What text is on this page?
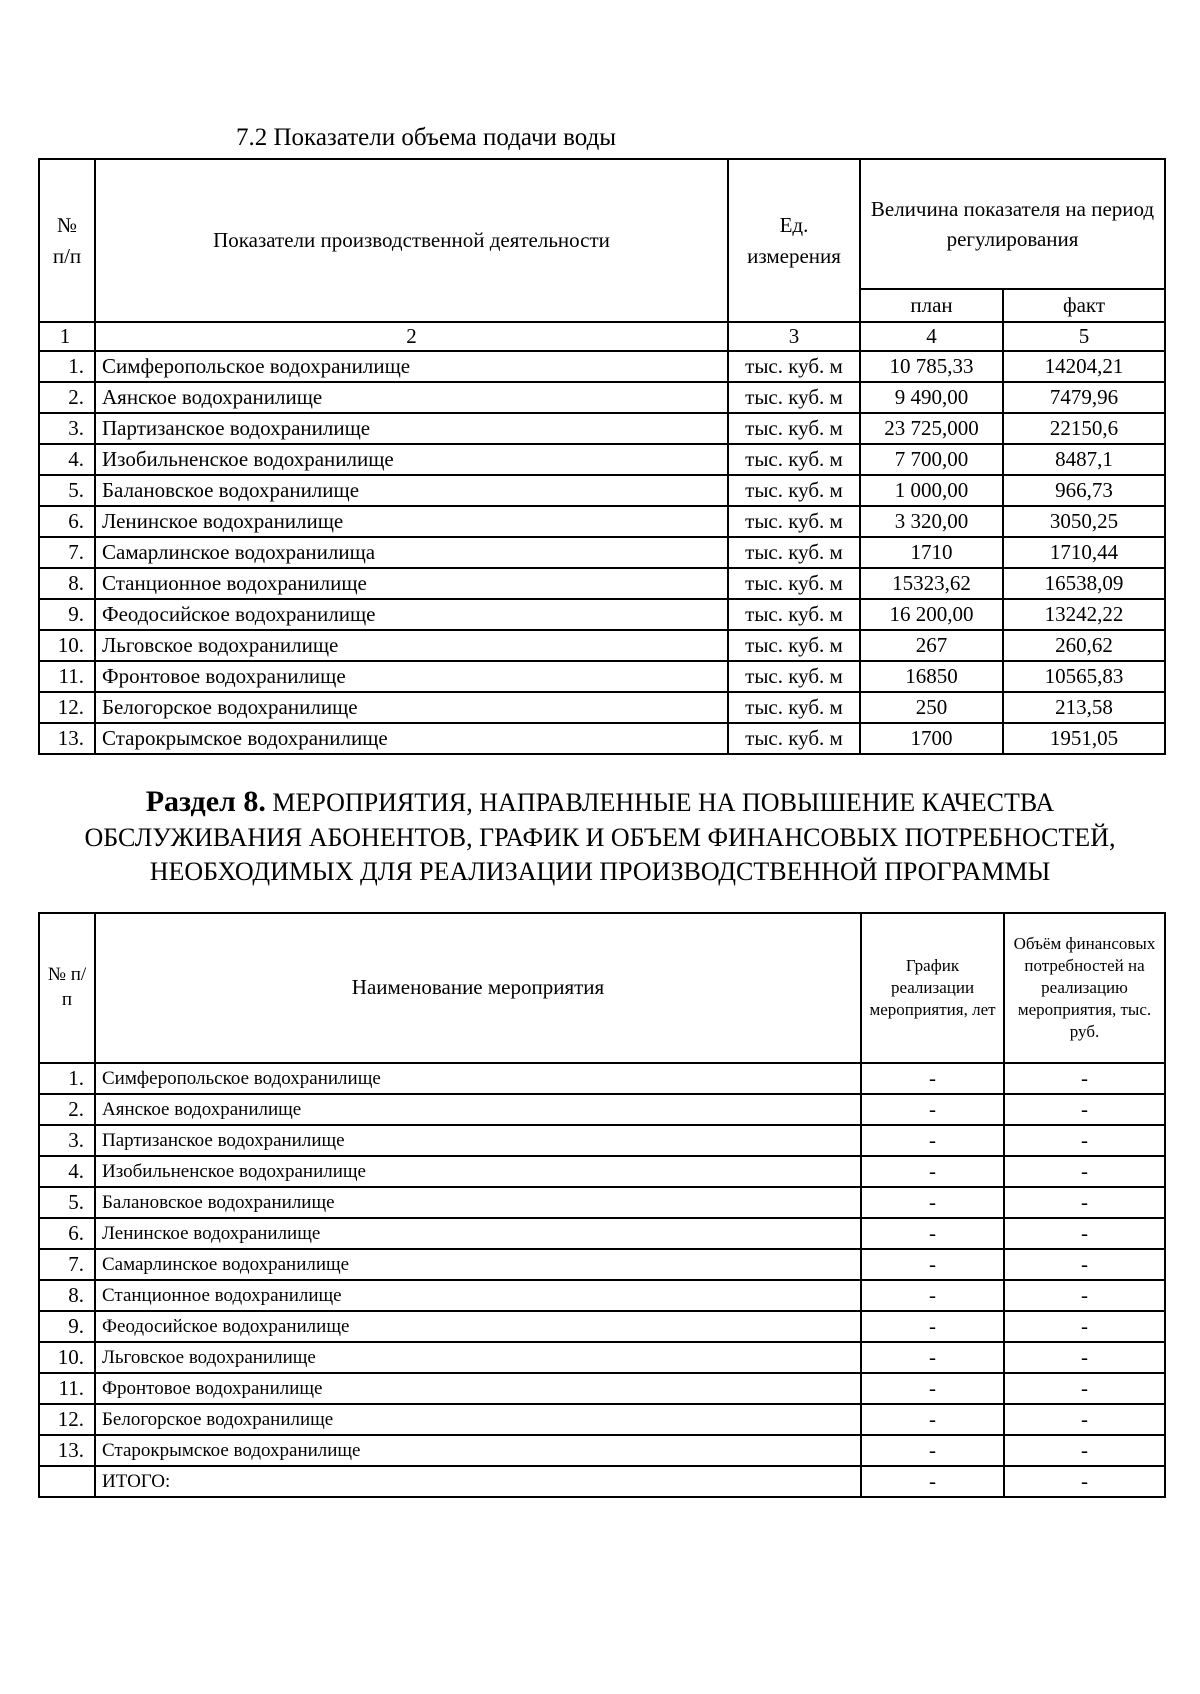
7.2 Показатели объема подачи воды
№ п/п	Показатели производственной деятельности	Ед. измерения	Величина показателя на период регулирования	
			план	факт
1	2	3	4	5
1.	Симферопольское водохранилище	тыс. куб. м	10 785,33	14204,21
2.	Аянское водохранилище	тыс. куб. м	9 490,00	7479,96
3.	Партизанское водохранилище	тыс. куб. м	23 725,000	22150,6
4.	Изобильненское водохранилище	тыс. куб. м	7 700,00	8487,1
5.	Балановское водохранилище	тыс. куб. м	1 000,00	966,73
6.	Ленинское водохранилище	тыс. куб. м	3 320,00	3050,25
7.	Самарлинское водохранилища	тыс. куб. м	1710	1710,44
8.	Станционное водохранилище	тыс. куб. м	15323,62	16538,09
9.	Феодосийское водохранилище	тыс. куб. м	16 200,00	13242,22
10.	Льговское водохранилище	тыс. куб. м	267	260,62
11.	Фронтовое водохранилище	тыс. куб. м	16850	10565,83
12.	Белогорское водохранилище	тыс. куб. м	250	213,58
13.	Старокрымское водохранилище	тыс. куб. м	1700	1951,05
Раздел 8. МЕРОПРИЯТИЯ, НАПРАВЛЕННЫЕ НА ПОВЫШЕНИЕ КАЧЕСТВА
ОБСЛУЖИВАНИЯ АБОНЕНТОВ, ГРАФИК И ОБЪЕМ ФИНАНСОВЫХ ПОТРЕБНОСТЕЙ,
НЕОБХОДИМЫХ ДЛЯ РЕАЛИЗАЦИИ ПРОИЗВОДСТВЕННОЙ ПРОГРАММЫ
№ п/ п	Наименование мероприятия	График реализации мероприятия, лет	Объём финансовых потребностей на реализацию мероприятия, тыс. руб.
1.	Симферопольское водохранилище	-	-
2.	Аянское водохранилище	-	-
3.	Партизанское водохранилище	-	-
4.	Изобильненское водохранилище	-	-
5.	Балановское водохранилище	-	-
6.	Ленинское водохранилище	-	-
7.	Самарлинское водохранилище	-	-
8.	Станционное водохранилище	-	-
9.	Феодосийское водохранилище	-	-
10.	Льговское водохранилище	-	-
11.	Фронтовое водохранилище	-	-
12.	Белогорское водохранилище	-	-
13.	Старокрымское водохранилище	-	-
	ИТОГО:	-	-
